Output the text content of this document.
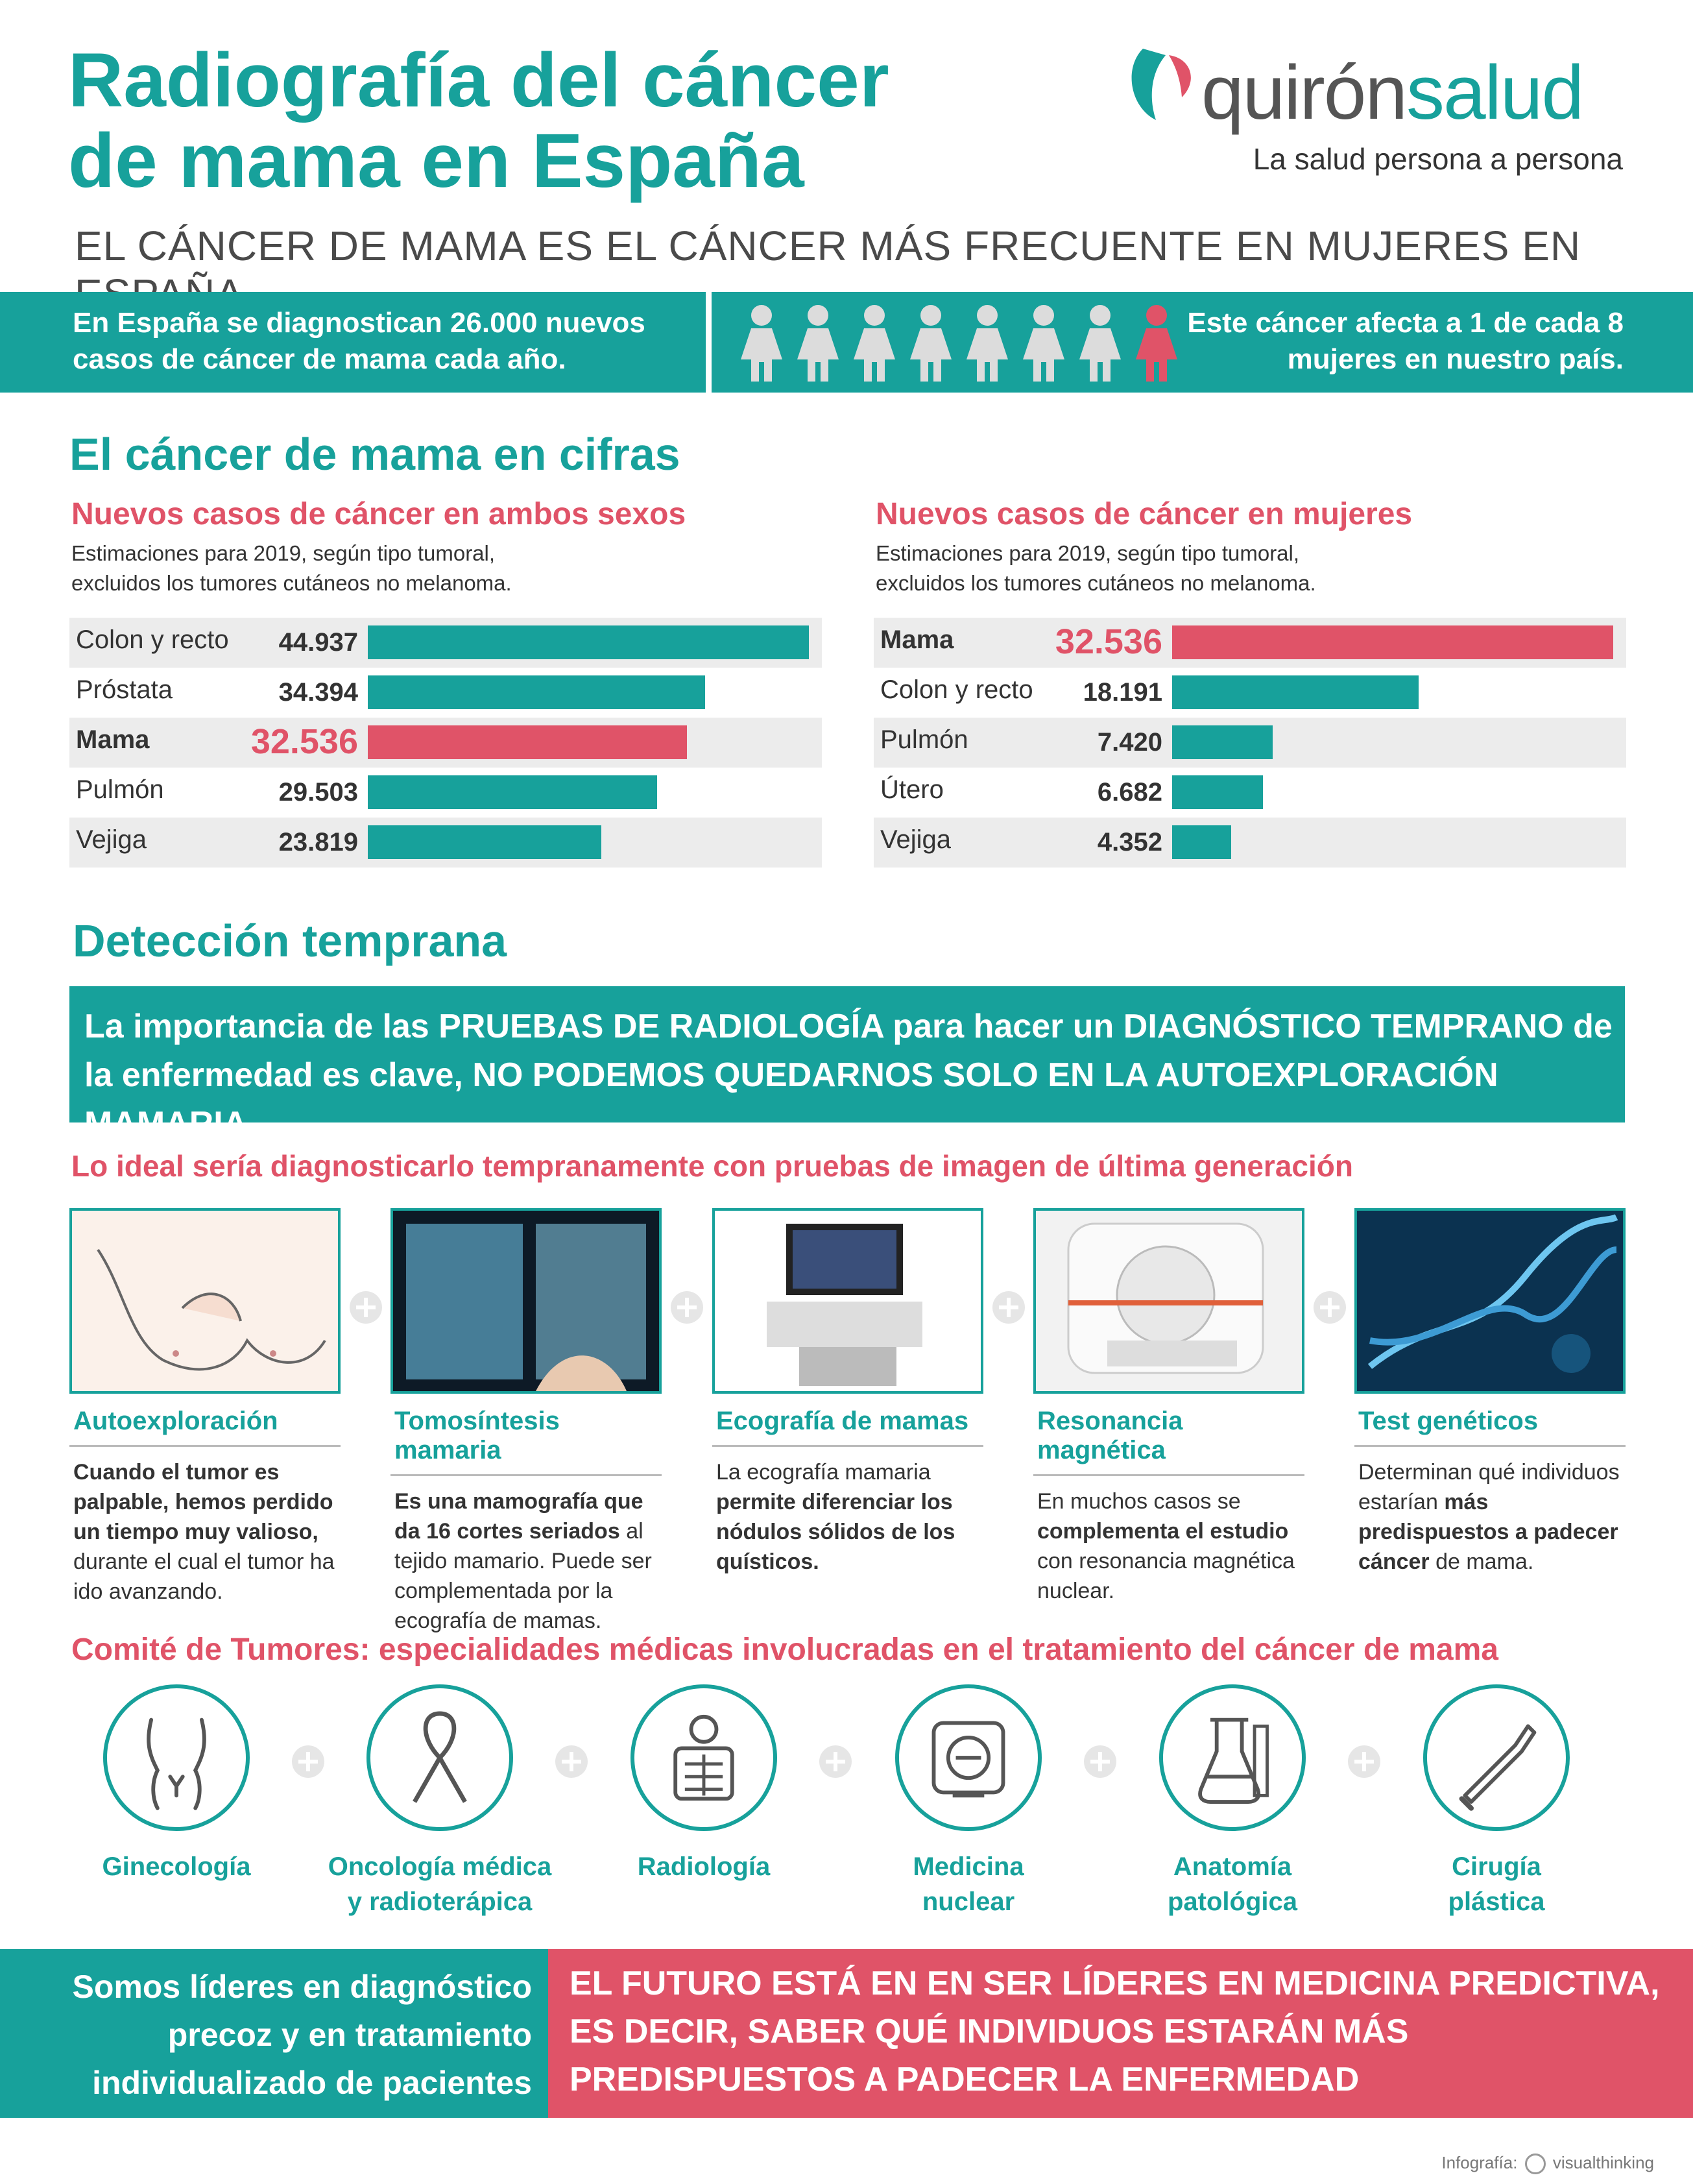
Radiografía del cáncer
de mama en España
quirónsalud
La salud persona a persona
EL CÁNCER DE MAMA ES EL CÁNCER MÁS FRECUENTE EN MUJERES EN
En España se diagnostican 26.000 nuevos casos de cáncer de mama cada año.
Este cáncer afecta a 1 de cada 8 mujeres en nuestro país.
El cáncer de mama en cifras
Nuevos casos de cáncer en ambos sexos
Estimaciones para 2019, según tipo tumoral, excluidos los tumores cutáneos no melanoma.
Colon y recto	44.937
Próstata	34.394
Mama	32.536
Pulmón	29.503
Vejiga	23.819
Nuevos casos de cáncer en mujeres
Estimaciones para 2019, según tipo tumoral, excluidos los tumores cutáneos no melanoma.
Mama	32.536
Colon y recto	18.191
Pulmón	7.420
Útero	6.682
Vejiga	4.352
Detección temprana
La importancia de las PRUEBAS DE RADIOLOGÍA para hacer un DIAGNÓSTICO TEMPRANO de la enfermedad es clave, NO PODEMOS QUEDARNOS SOLO EN LA AUTOEXPLORACIÓN MAMARIA.
Lo ideal sería diagnosticarlo tempranamente con pruebas de imagen de última generación
Comité de Tumores: especialidades médicas involucradas en el tratamiento del cáncer de mama
Somos líderes en diagnóstico precoz y en tratamiento individualizado de pacientes
EL FUTURO ESTÁ EN EN SER LÍDERES EN MEDICINA PREDICTIVA, ES DECIR, SABER QUÉ INDIVIDUOS ESTARÁN MÁS PREDISPUESTOS A PADECER LA ENFERMEDAD
Infografía: visualthinking
Autoexploración
Cuando el tumor es palpable, hemos perdido un tiempo muy valioso, durante el cual el tumor ha ido avanzando.
Tomosíntesis mamaria
Es una mamografía que da 16 cortes seriados al tejido mamario. Puede ser complementada por la ecografía de mamas.
Ecografía de mamas
La ecografía mamaria permite diferenciar los nódulos sólidos de los quísticos.
Resonancia magnética
En muchos casos se complementa el estudio con resonancia magnética nuclear.
Test genéticos
Determinan qué individuos estarían más predispuestos a padecer cáncer de mama.
Ginecología	Oncología médica
y radioterápica
Radiología	Medicina
nuclear
Anatomía
patológica
Cirugía
plástica
